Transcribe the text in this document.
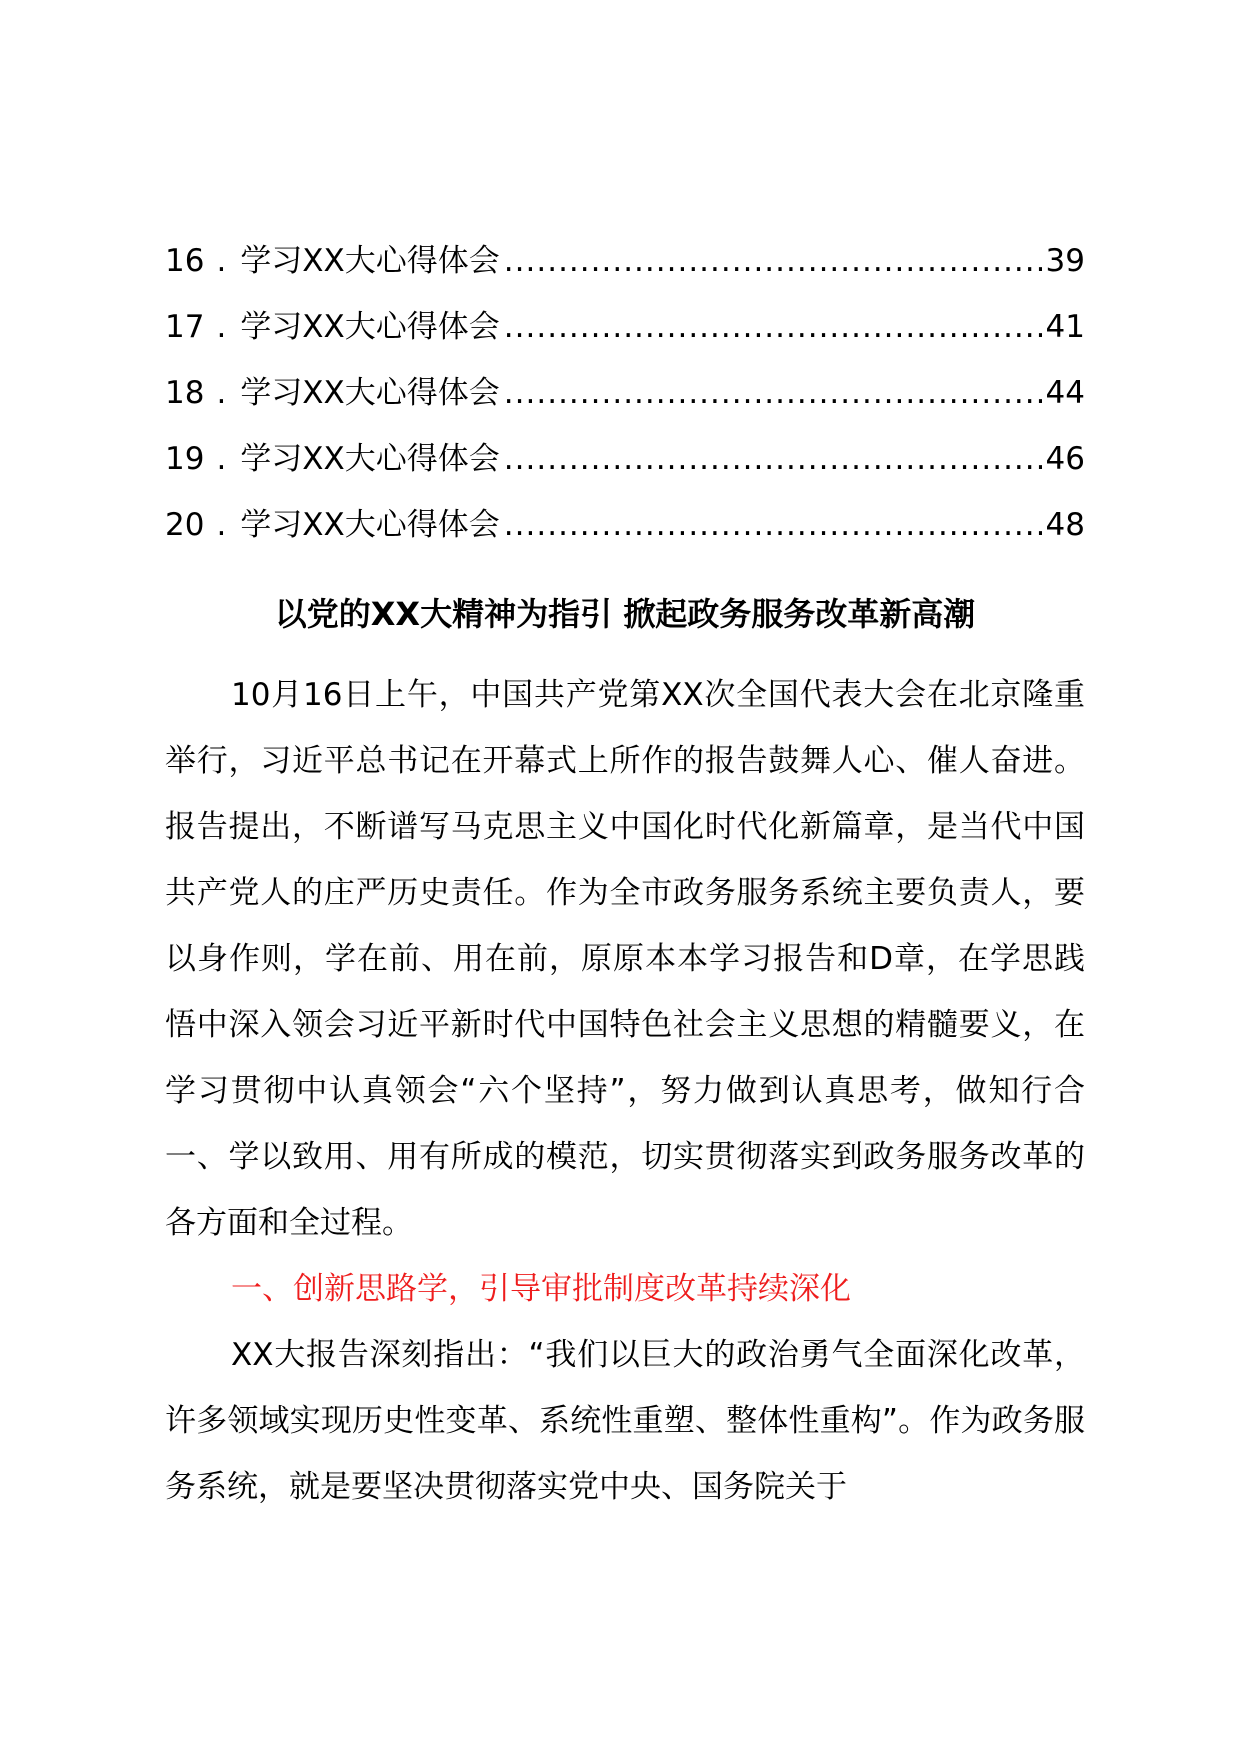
16 . 学习XX大心得体会 .....	39
17 . 学习XX大心得体会 .....	41
18 . 学习XX大心得体会 .....	44
19 . 学习XX大心得体会 .....	46
20 . 学习XX大心得体会 .....	48
以党的XX大精神为指引 掀起政务服务改革新高潮

10月16日上午，中国共产党第XX次全国代表大会在北京隆重举行，习近平总书记在开幕式上所作的报告鼓舞人心、催人奋进。报告提出，不断谱写马克思主义中国化时代化新篇章，是当代中国共产党人的庄严历史责任。作为全市政务服务系统主要负责人，要以身作则，学在前、用在前，原原本本学习报告和D章，在学思践悟中深入领会习近平新时代中国特色社会主义思想的精髓要义，在学习贯彻中认真领会“六个坚持”，努力做到认真思考，做知行合一、学以致用、用有所成的模范，切实贯彻落实到政务服务改革的各方面和全过程。

一、创新思路学，引导审批制度改革持续深化

XX大报告深刻指出：“我们以巨大的政治勇气全面深化改革，许多领域实现历史性变革、系统性重塑、整体性重构”。作为政务服务系统，就是要坚决贯彻落实党中央、国务院关于
